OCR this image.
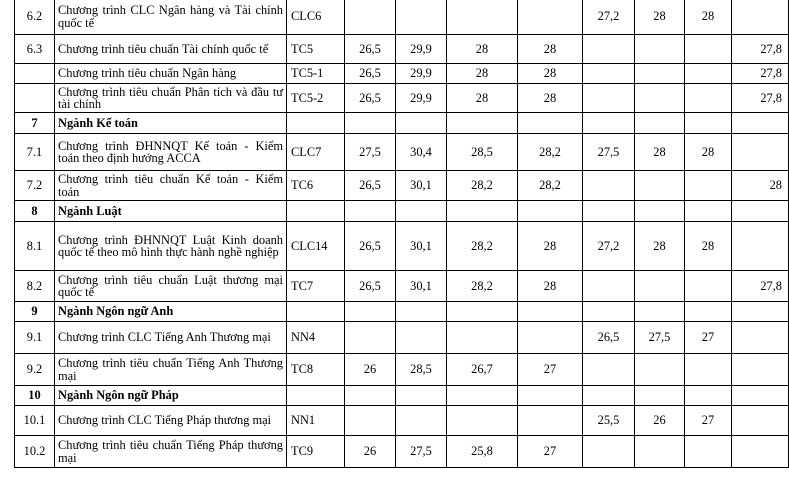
6.2	Chương trình CLC Ngân hàng và Tài chính quốc tế	CLC6					27,2	28	28	
6.3	Chương trình tiêu chuẩn Tài chính quốc tế	TC5	26,5	29,9	28	28				27,8
	Chương trình tiêu chuẩn Ngân hàng	TC5-1	26,5	29,9	28	28				27,8
	Chương trình tiêu chuẩn Phân tích và đầu tư tài chính	TC5-2	26,5	29,9	28	28				27,8
7	Ngành Kế toán									
7.1	Chương trình ĐHNNQT Kế toán - Kiểm toán theo định hướng ACCA	CLC7	27,5	30,4	28,5	28,2	27,5	28	28	
7.2	Chương trình tiêu chuẩn Kế toán - Kiểm toán	TC6	26,5	30,1	28,2	28,2				28
8	Ngành Luật									
8.1	Chương trình ĐHNNQT Luật Kinh doanh quốc tế theo mô hình thực hành nghề nghiệp	CLC14	26,5	30,1	28,2	28	27,2	28	28	
8.2	Chương trình tiêu chuẩn Luật thương mại quốc tế	TC7	26,5	30,1	28,2	28				27,8
9	Ngành Ngôn ngữ Anh									
9.1	Chương trình CLC Tiếng Anh Thương mại	NN4					26,5	27,5	27	
9.2	Chương trình tiêu chuẩn Tiếng Anh Thương mại	TC8	26	28,5	26,7	27				
10	Ngành Ngôn ngữ Pháp									
10.1	Chương trình CLC Tiếng Pháp thương mại	NN1					25,5	26	27	
10.2	Chương trình tiêu chuẩn Tiếng Pháp thương mại	TC9	26	27,5	25,8	27				
